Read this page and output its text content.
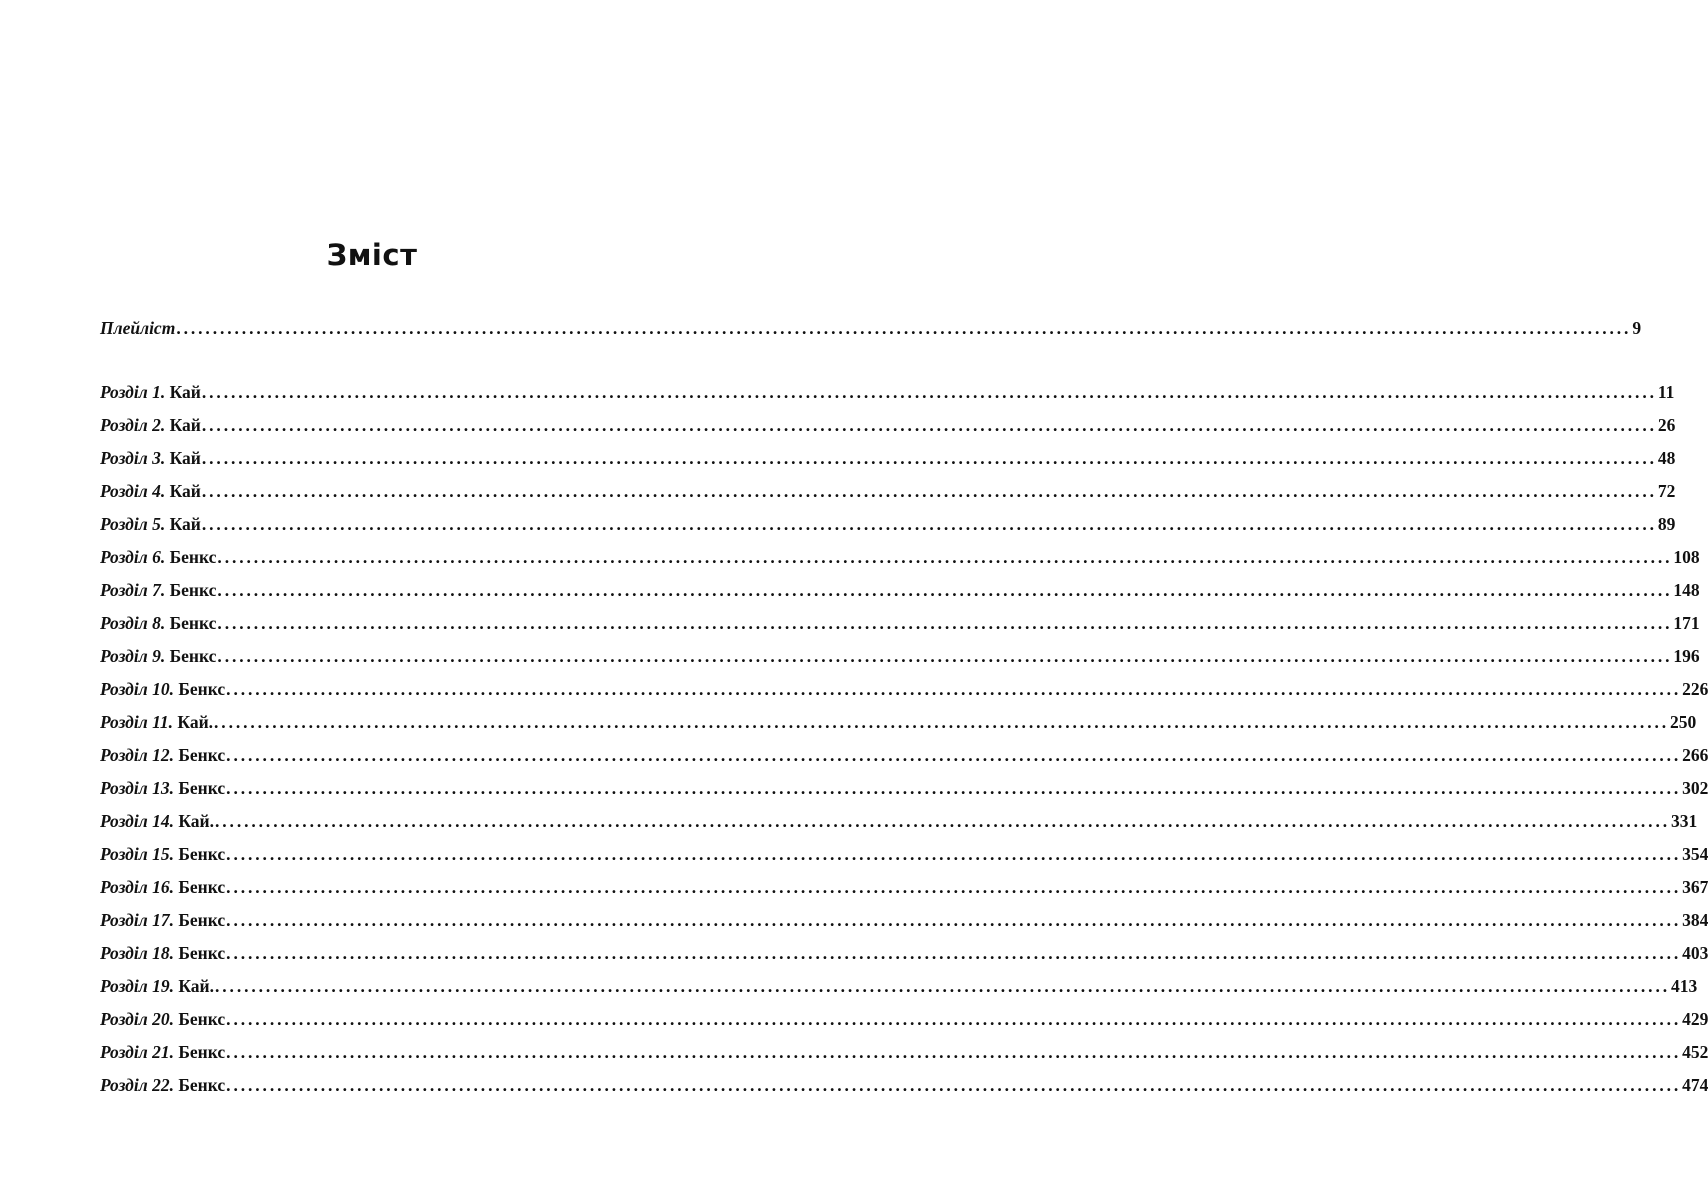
Зміст
Плейліст ........................................................................................................................................................................................................ 9
Розділ 1. Кай ........................................................................................................................................................................................................ 11
Розділ 2. Кай ........................................................................................................................................................................................................ 26
Розділ 3. Кай ........................................................................................................................................................................................................ 48
Розділ 4. Кай ........................................................................................................................................................................................................ 72
Розділ 5. Кай ........................................................................................................................................................................................................ 89
Розділ 6. Бенкс ........................................................................................................................................................................................................ 108
Розділ 7. Бенкс ........................................................................................................................................................................................................ 148
Розділ 8. Бенкс ........................................................................................................................................................................................................ 171
Розділ 9. Бенкс ........................................................................................................................................................................................................ 196
Розділ 10. Бенкс ........................................................................................................................................................................................................ 226
Розділ 11. Кай. ........................................................................................................................................................................................................ 250
Розділ 12. Бенкс ........................................................................................................................................................................................................ 266
Розділ 13. Бенкс ........................................................................................................................................................................................................ 302
Розділ 14. Кай. ........................................................................................................................................................................................................ 331
Розділ 15. Бенкс ........................................................................................................................................................................................................ 354
Розділ 16. Бенкс ........................................................................................................................................................................................................ 367
Розділ 17. Бенкс ........................................................................................................................................................................................................ 384
Розділ 18. Бенкс ........................................................................................................................................................................................................ 403
Розділ 19. Кай. ........................................................................................................................................................................................................ 413
Розділ 20. Бенкс ........................................................................................................................................................................................................ 429
Розділ 21. Бенкс ........................................................................................................................................................................................................ 452
Розділ 22. Бенкс ........................................................................................................................................................................................................ 474
